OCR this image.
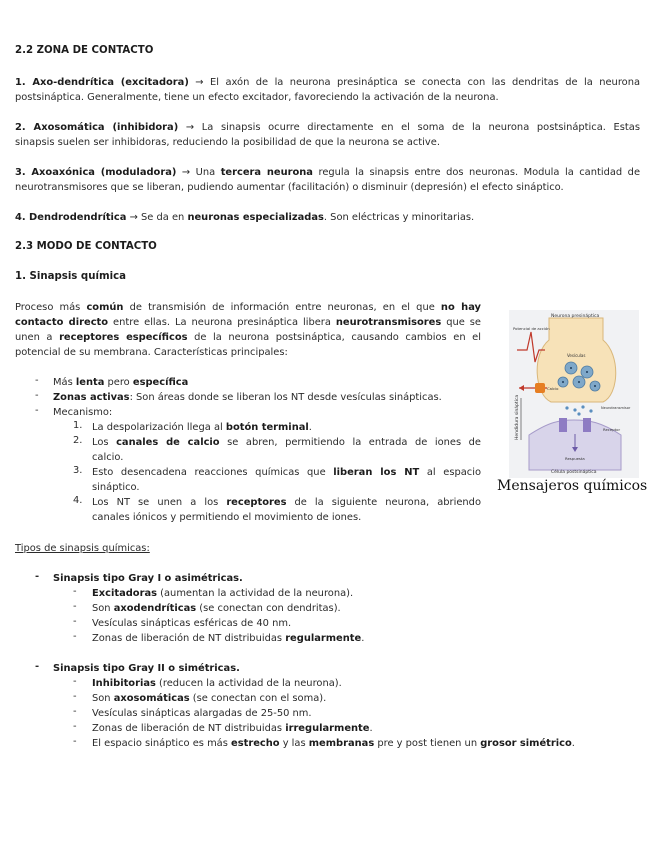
2.2 ZONA DE CONTACTO
1. Axo-dendrítica (excitadora) → El axón de la neurona presináptica se conecta con las dendritas de la neurona
postsináptica. Generalmente, tiene un efecto excitador, favoreciendo la activación de la neurona.
2. Axosomática (inhibidora) → La sinapsis ocurre directamente en el soma de la neurona postsináptica. Estas
sinapsis suelen ser inhibidoras, reduciendo la posibilidad de que la neurona se active.
3. Axoaxónica (moduladora) → Una tercera neurona regula la sinapsis entre dos neuronas. Modula la cantidad de
neurotransmisores que se liberan, pudiendo aumentar (facilitación) o disminuir (depresión) el efecto sináptico.
4. Dendrodendrítica → Se da en neuronas especializadas. Son eléctricas y minoritarias.
2.3 MODO DE CONTACTO
1. Sinapsis química
Proceso más común de transmisión de información entre neuronas, en el que no hay
contacto directo entre ellas. La neurona presináptica libera neurotransmisores que se
unen a receptores específicos de la neurona postsináptica, causando cambios en el
potencial de su membrana. Características principales:
- Más lenta pero específica
- Zonas activas: Son áreas donde se liberan los NT desde vesículas sinápticas.
- Mecanismo:
1. La despolarización llega al botón terminal.
2. Los canales de calcio se abren, permitiendo la entrada de iones de
calcio.
3. Esto desencadena reacciones químicas que liberan los NT al espacio
sináptico.
4. Los NT se unen a los receptores de la siguiente neurona, abriendo
canales iónicos y permitiendo el movimiento de iones.
Tipos de sinapsis químicas:
- Sinapsis tipo Gray I o asimétricas.
- Excitadoras (aumentan la actividad de la neurona).
- Son axodendríticas (se conectan con dendritas).
- Vesículas sinápticas esféricas de 40 nm.
- Zonas de liberación de NT distribuidas regularmente.
- Sinapsis tipo Gray II o simétricas.
- Inhibitorias (reducen la actividad de la neurona).
- Son axosomáticas (se conectan con el soma).
- Vesículas sinápticas alargadas de 25-50 nm.
- Zonas de liberación de NT distribuidas irregularmente.
- El espacio sináptico es más estrecho y las membranas pre y post tienen un grosor simétrico.
Hendidura sináptica
Neurona presináptica
Potencial de acción
Vesículas
Calcio
Neurotransmisor
Receptor
Respuesta
Célula postsináptica
Mensajeros químicos
